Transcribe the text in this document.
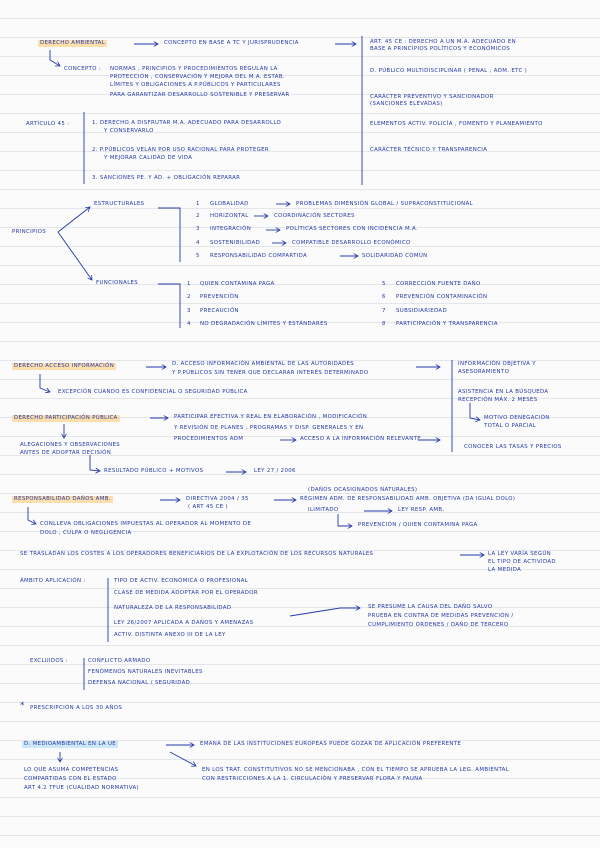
DERECHO AMBIENTAL	CONCEPTO EN BASE A TC Y JURISPRUDENCIA	ART. 45 CE : DERECHO A UN M.A. ADECUADO EN
BASE A PRINCIPIOS POLÍTICOS Y ECONÓMICOS
D. PÚBLICO MULTIDISCIPLINAR ( PENAL , ADM. ETC )
CARÁCTER PREVENTIVO Y SANCIONADOR
(SANCIONES ELEVADAS)
ELEMENTOS ACTIV. POLICÍA , FOMENTO Y PLANEAMIENTO
CARÁCTER TÉCNICO Y TRANSPARENCIA
CONCEPTO : NORMAS , PRINCIPIOS Y PROCEDIMIENTOS REGULAN LA
PROTECCIÓN , CONSERVACIÓN Y MEJORA DEL M.A. ESTAB.
LÍMITES Y OBLIGACIONES A P.PÚBLICOS Y PARTICULARES
PARA GARANTIZAR DESARROLLO SOSTENIBLE Y PRESERVAR
ARTÍCULO 45 :	1. DERECHO A DISFRUTAR M.A. ADECUADO PARA DESARROLLO
Y CONSERVARLO
2. P.PÚBLICOS VELAN POR USO RACIONAL PARA PROTEGER
Y MEJORAR CALIDAD DE VIDA
3. SANCIONES PE. Y AD. + OBLIGACIÓN REPARAR
PRINCIPIOS
ESTRUCTURALES	1 GLOBALIDAD	PROBLEMAS DIMENSIÓN GLOBAL / SUPRACONSTITUCIONAL
2 HORIZONTAL	COORDINACIÓN SECTORES
3 INTEGRACIÓN	POLÍTICAS SECTORES CON INCIDENCIA M.A.
4 SOSTENIBILIDAD	COMPATIBLE DESARROLLO ECONÓMICO
5 RESPONSABILIDAD COMPARTIDA	SOLIDARIDAD COMÚN
FUNCIONALES	1 QUIEN CONTAMINA PAGA
2 PREVENCIÓN
3 PRECAUCIÓN
4 NO DEGRADACIÓN LÍMITES Y ESTÁNDARES
5 CORRECCIÓN FUENTE DAÑO
6 PREVENCIÓN CONTAMINACIÓN
7 SUBSIDIARIEDAD
8 PARTICIPACIÓN Y TRANSPARENCIA
DERECHO ACCESO INFORMACIÓN	D. ACCESO INFORMACIÓN AMBIENTAL DE LAS AUTORIDADES
Y P.PÚBLICOS SIN TENER QUE DECLARAR INTERÉS DETERMINADO
EXCEPCIÓN CUANDO ES CONFIDENCIAL O SEGURIDAD PÚBLICA
INFORMACIÓN OBJETIVA Y
ASESORAMIENTO
ASISTENCIA EN LA BÚSQUEDA
RECEPCIÓN MÁX. 2 MESES
MOTIVO DENEGACIÓN
TOTAL O PARCIAL
CONOCER LAS TASAS Y PRECIOS
DERECHO PARTICIPACIÓN PÚBLICA	PARTICIPAR EFECTIVA Y REAL EN ELABORACIÓN , MODIFICACIÓN
Y REVISIÓN DE PLANES , PROGRAMAS Y DISP. GENERALES Y EN
PROCEDIMIENTOS ADM	ACCESO A LA INFORMACIÓN RELEVANTE
ALEGACIONES Y OBSERVACIONES
ANTES DE ADOPTAR DECISIÓN
RESULTADO PÚBLICO + MOTIVOS	LEY 27 / 2006
RESPONSABILIDAD DAÑOS AMB.	DIRECTIVA 2004 / 35
( ART 45 CE )
(DAÑOS OCASIONADOS NATURALES)
RÉGIMEN ADM. DE RESPONSABILIDAD AMB. OBJETIVA (DA IGUAL DOLO)
ILIMITADO	LEY RESP. AMB.
PREVENCIÓN / QUIEN CONTAMINA PAGA
CONLLEVA OBLIGACIONES IMPUESTAS AL OPERADOR AL MOMENTO DE
DOLO , CULPA O NEGLIGENCIA
SE TRASLADAN LOS COSTES A LOS OPERADORES BENEFICIARIOS DE LA EXPLOTACIÓN DE LOS RECURSOS NATURALES	LA LEY VARÍA SEGÚN
EL TIPO DE ACTIVIDAD
LA MEDIDA
ÁMBITO APLICACIÓN :	TIPO DE ACTIV. ECONÓMICA O PROFESIONAL
CLASE DE MEDIDA ADOPTAR POR EL OPERADOR
NATURALEZA DE LA RESPONSABILIDAD
LEY 26/2007 APLICADA A DAÑOS Y AMENAZAS
ACTIV. DISTINTA ANEXO III DE LA LEY
SE PRESUME LA CAUSA DEL DAÑO SALVO
PRUEBA EN CONTRA DE MEDIDAS PREVENCIÓN /
CUMPLIMIENTO ÓRDENES / DAÑO DE TERCERO
EXCLUIDOS :	CONFLICTO ARMADO
FENÓMENOS NATURALES INEVITABLES
DEFENSA NACIONAL / SEGURIDAD
* PRESCRIPCIÓN A LOS 30 AÑOS
D. MEDIOAMBIENTAL EN LA UE	EMANA DE LAS INSTITUCIONES EUROPEAS PUEDE GOZAR DE APLICACIÓN PREFERENTE
LO QUE ASUMA COMPETENCIAS
COMPARTIDAS CON EL ESTADO
ART 4.2 TFUE (CUALIDAD NORMATIVA)
EN LOS TRAT. CONSTITUTIVOS NO SE MENCIONABA , CON EL TIEMPO SE APRUEBA LA LEG. AMBIENTAL
CON RESTRICCIONES A LA 1. CIRCULACIÓN Y PRESERVAR FLORA Y FAUNA
